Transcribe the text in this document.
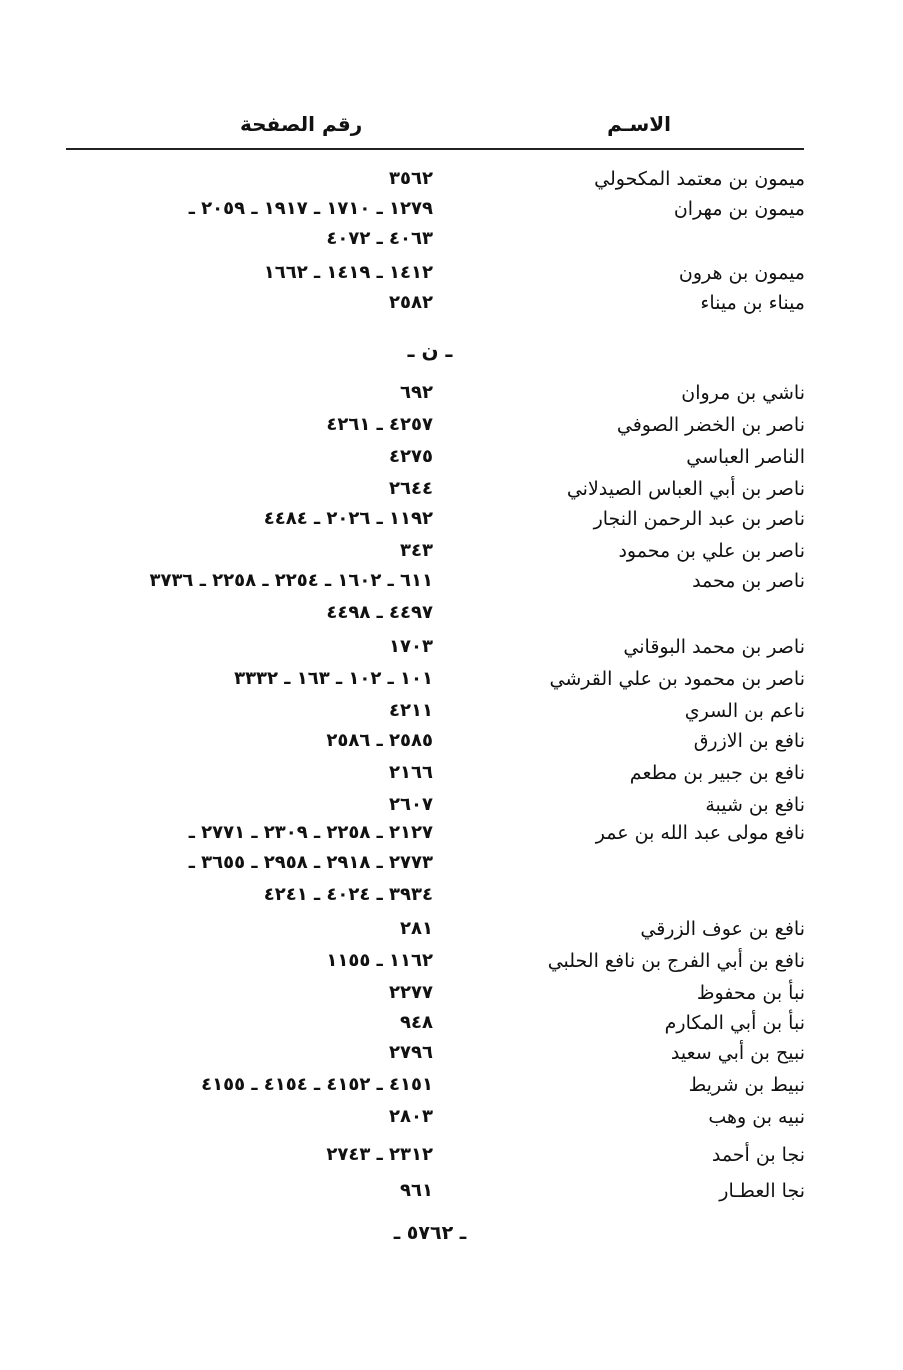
الاسـم
رقم الصفحة
ميمون بن معتمد المكحولي
٣٥٦٢
ميمون بن مهران
١٢٧٩ ـ ١٧١٠ ـ ١٩١٧ ـ ٢٠٥٩ ـ
٤٠٦٣ ـ ٤٠٧٢
ميمون بن هرون
١٤١٢ ـ ١٤١٩ ـ ١٦٦٢
ميناء بن ميناء
٢٥٨٢
ـ ن ـ
ناشي بن مروان
٦٩٢
ناصر بن الخضر الصوفي
٤٢٥٧ ـ ٤٢٦١
الناصر العباسي
٤٢٧٥
ناصر بن أبي العباس الصيدلاني
٢٦٤٤
ناصر بن عبد الرحمن النجار
١١٩٢ ـ ٢٠٢٦ ـ ٤٤٨٤
ناصر بن علي بن محمود
٣٤٣
ناصر بن محمد
٦١١ ـ ١٦٠٢ ـ ٢٢٥٤ ـ ٢٢٥٨ ـ ٣٧٣٦
٤٤٩٧ ـ ٤٤٩٨
ناصر بن محمد البوقاني
١٧٠٣
ناصر بن محمود بن علي القرشي
١٠١ ـ ١٠٢ ـ ١٦٣ ـ ٣٣٣٢
ناعم بن السري
٤٢١١
نافع بن الازرق
٢٥٨٥ ـ ٢٥٨٦
نافع بن جبير بن مطعم
٢١٦٦
نافع بن شيبة
٢٦٠٧
نافع مولى عبد الله بن عمر
٢١٢٧ ـ ٢٢٥٨ ـ ٢٣٠٩ ـ ٢٧٧١ ـ
٢٧٧٣ ـ ٢٩١٨ ـ ٢٩٥٨ ـ ٣٦٥٥ ـ
٣٩٣٤ ـ ٤٠٢٤ ـ ٤٢٤١
نافع بن عوف الزرقي
٢٨١
نافع بن أبي الفرج بن نافع الحلبي
١١٦٢ ـ ١١٥٥
نبأ بن محفوظ
٢٢٧٧
نبأ بن أبي المكارم
٩٤٨
نبيح بن أبي سعيد
٢٧٩٦
نبيط بن شريط
٤١٥١ ـ ٤١٥٢ ـ ٤١٥٤ ـ ٤١٥٥
نبيه بن وهب
٢٨٠٣
نجا بن أحمد
٢٣١٢ ـ ٢٧٤٣
نجا العطـار
٩٦١
ـ ٥٧٦٢ ـ
